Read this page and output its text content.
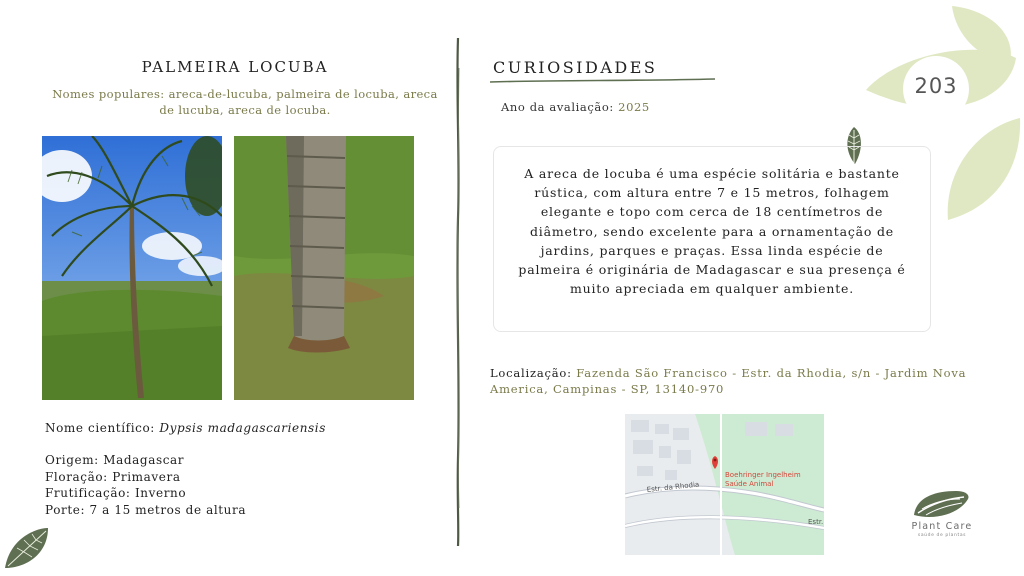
203
PALMEIRA LOCUBA
Nomes populares: areca-de-lucuba, palmeira de locuba, areca de lucuba, areca de locuba.
Nome científico: Dypsis madagascariensis
Origem: Madagascar
Floração: Primavera
Frutificação: Inverno
Porte: 7 a 15 metros de altura
CURIOSIDADES
Ano da avaliação: 2025
A areca de locuba é uma espécie solitária e bastante rústica, com altura entre 7 e 15 metros, folhagem elegante e topo com cerca de 18 centímetros de diâmetro, sendo excelente para a ornamentação de jardins, parques e praças. Essa linda espécie de palmeira é originária de Madagascar e sua presença é muito apreciada em qualquer ambiente.
Localização: Fazenda São Francisco - Estr. da Rhodia, s/n - Jardim Nova America, Campinas - SP, 13140-970
Estr. da Rhodia
Estr.
Boehringer Ingelheim
Saúde Animal
Plant Care
saúde de plantas
